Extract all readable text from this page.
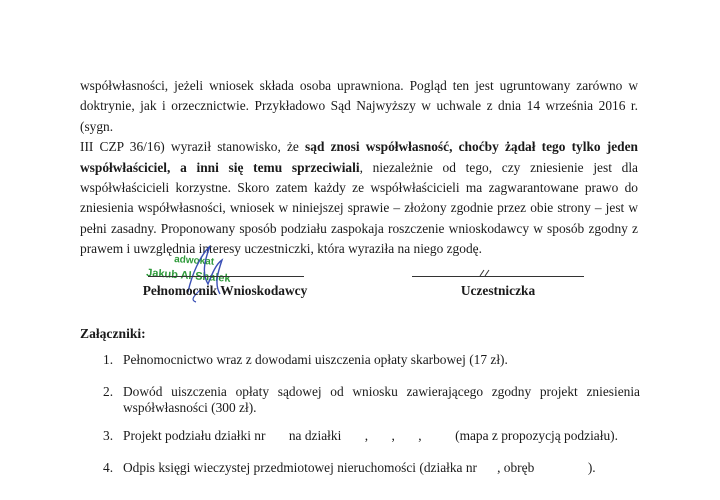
współwłasności, jeżeli wniosek składa osoba uprawniona. Pogląd ten jest ugruntowany zarówno w
doktrynie, jak i orzecznictwie. Przykładowo Sąd Najwyższy w uchwale z dnia 14 września 2016 r. (sygn.
III CZP 36/16) wyraził stanowisko, że sąd znosi współwłasność, choćby żądał tego tylko jeden
współwłaściciel, a inni się temu sprzeciwiali, niezależnie od tego, czy zniesienie jest dla
współwłaścicieli korzystne. Skoro zatem każdy ze współwłaścicieli ma zagwarantowane prawo do
zniesienia współwłasności, wniosek w niniejszej sprawie – złożony zgodnie przez obie strony – jest w
pełni zasadny. Proponowany sposób podziału zaspokaja roszczenie wnioskodawcy w sposób zgodny z
prawem i uwzględnia interesy uczestniczki, która wyraziła na niego zgodę.

adwokat
Jakub Al-Shalek
Pełnomocnik Wnioskodawcy	Uczestniczka
Załączniki:
1. Pełnomocnictwo wraz z dowodami uiszczenia opłaty skarbowej (17 zł).
2. Dowód uiszczenia opłaty sądowej od wniosku zawierającego zgodny projekt zniesienia współwłasności (300 zł).
3. Projekt podziału działki nr       na działki       ,       ,       ,          (mapa z propozycją podziału).
4. Odpis księgi wieczystej przedmiotowej nieruchomości (działka nr      , obręb                ).
